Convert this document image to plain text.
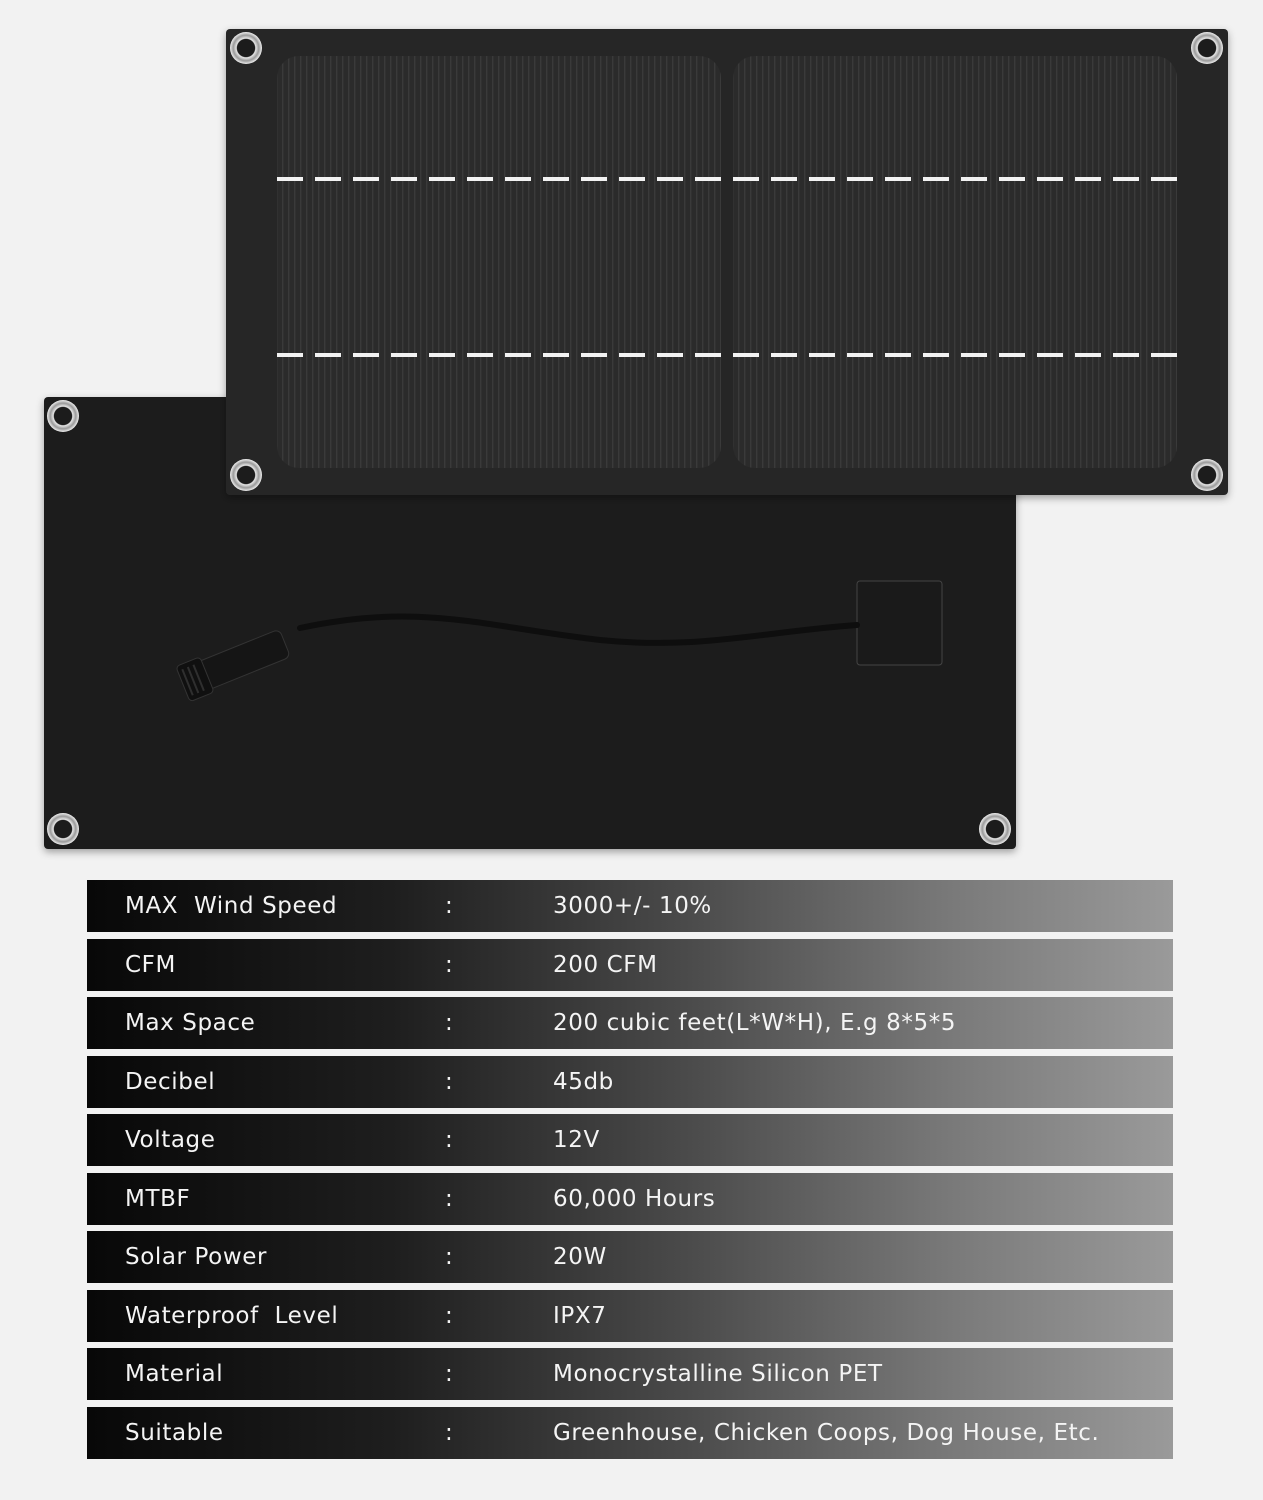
MAX  Wind Speed	:	3000+/- 10%
CFM	:	200 CFM
Max Space	:	200 cubic feet(L*W*H), E.g 8*5*5
Decibel	:	45db
Voltage	:	12V
MTBF	:	60,000 Hours
Solar Power	:	20W
Waterproof  Level	:	IPX7
Material	:	Monocrystalline Silicon PET
Suitable	:	Greenhouse, Chicken Coops, Dog House, Etc.
